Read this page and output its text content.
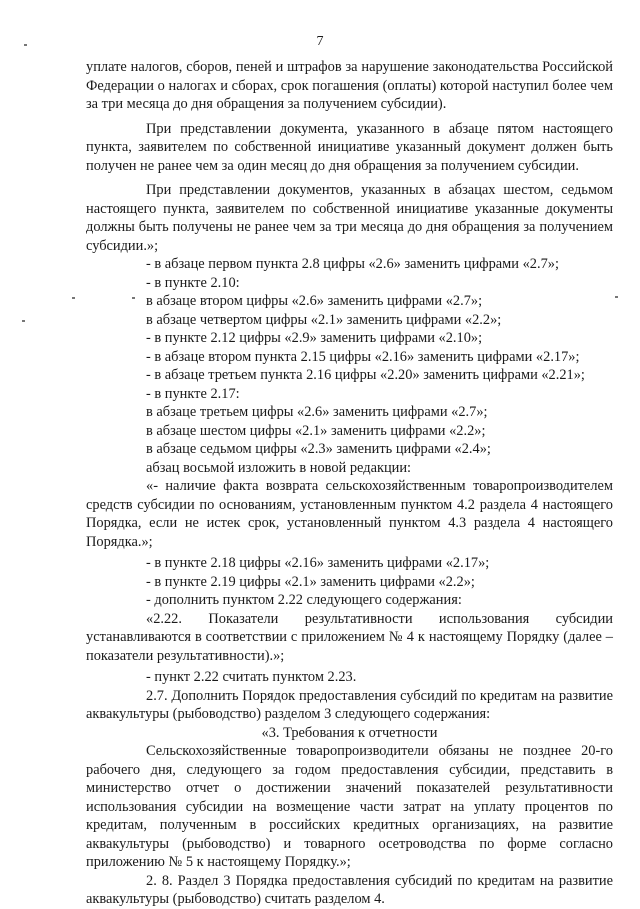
7

уплате налогов, сборов, пеней и штрафов за нарушение законодательства Российской Федерации о налогах и сборах, срок погашения (оплаты) которой наступил более чем за три месяца до дня обращения за получением субсидии).

При представлении документа, указанного в абзаце пятом настоящего пункта, заявителем по собственной инициативе указанный документ должен быть получен не ранее чем за один месяц до дня обращения за получением субсидии.

При представлении документов, указанных в абзацах шестом, седьмом настоящего пункта, заявителем по собственной инициативе указанные документы должны быть получены не ранее чем за три месяца до дня обращения за получением субсидии.»;

- в абзаце первом пункта 2.8 цифры «2.6» заменить цифрами «2.7»;

- в пункте 2.10:

в абзаце втором цифры «2.6» заменить цифрами «2.7»;

в абзаце четвертом цифры «2.1» заменить цифрами «2.2»;

- в пункте 2.12 цифры «2.9» заменить цифрами «2.10»;

- в абзаце втором пункта 2.15 цифры «2.16» заменить цифрами «2.17»;

- в абзаце третьем пункта 2.16 цифры «2.20» заменить цифрами «2.21»;

- в пункте 2.17:

в абзаце третьем цифры «2.6» заменить цифрами «2.7»;

в абзаце шестом цифры «2.1» заменить цифрами «2.2»;

в абзаце седьмом цифры «2.3» заменить цифрами «2.4»;

абзац восьмой изложить в новой редакции:

«- наличие факта возврата сельскохозяйственным товаропроизводителем средств субсидии по основаниям, установленным пунктом 4.2 раздела 4 настоящего Порядка, если не истек срок, установленный пунктом 4.3 раздела 4 настоящего Порядка.»;

- в пункте 2.18 цифры «2.16» заменить цифрами «2.17»;

- в пункте 2.19 цифры «2.1» заменить цифрами «2.2»;

- дополнить пунктом 2.22 следующего содержания:

«2.22. Показатели результативности использования субсидии устанавливаются в соответствии с приложением № 4 к настоящему Порядку (далее – показатели результативности).»;

- пункт 2.22 считать пунктом 2.23.

2.7. Дополнить Порядок предоставления субсидий по кредитам на развитие аквакультуры (рыбоводство) разделом 3 следующего содержания:

«3. Требования к отчетности

Сельскохозяйственные товаропроизводители обязаны не позднее 20-го рабочего дня, следующего за годом предоставления субсидии, представить в министерство отчет о достижении значений показателей результативности использования субсидии на возмещение части затрат на уплату процентов по кредитам, полученным в российских кредитных организациях, на развитие аквакультуры (рыбоводство) и товарного осетроводства по форме согласно приложению № 5 к настоящему Порядку.»;

2. 8. Раздел 3 Порядка предоставления субсидий по кредитам на развитие аквакультуры (рыбоводство) считать разделом 4.
